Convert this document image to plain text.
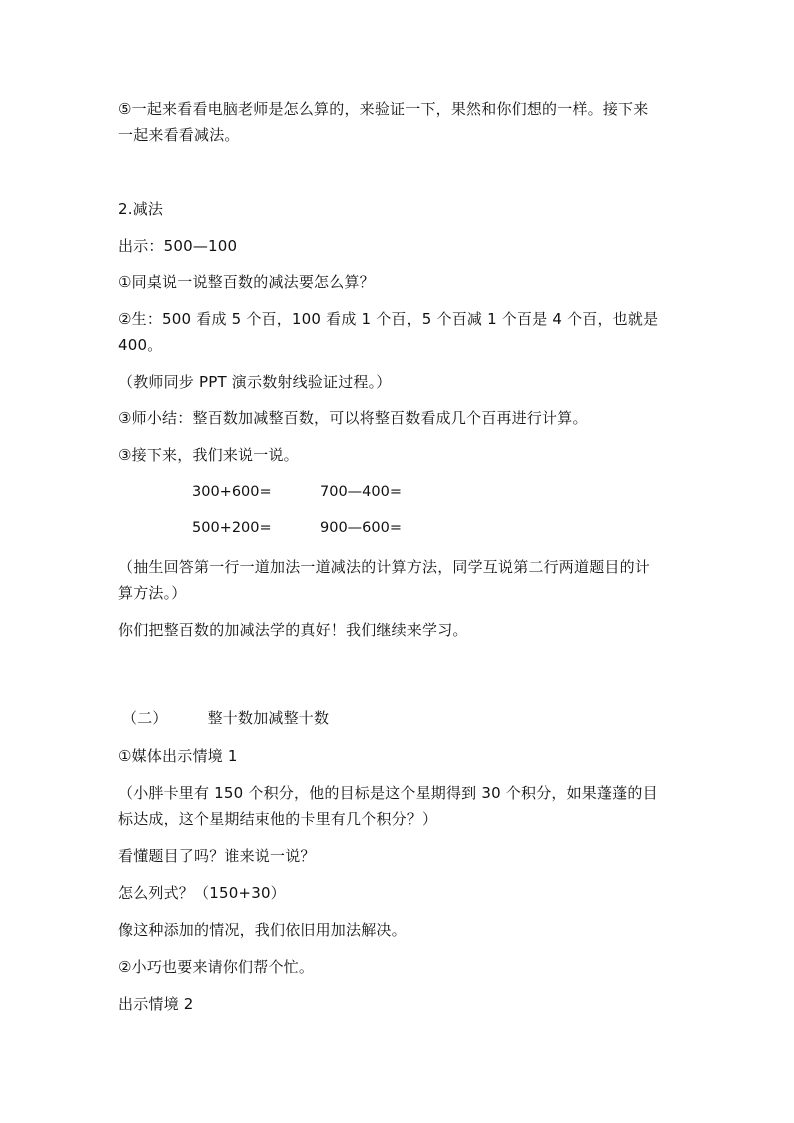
⑤一起来看看电脑老师是怎么算的，来验证一下，果然和你们想的一样。接下来
一起来看看减法。
2.减法
出示：500—100
①同桌说一说整百数的减法要怎么算？
②生：500 看成 5 个百，100 看成 1 个百，5 个百减 1 个百是 4 个百，也就是
400。
（教师同步 PPT 演示数射线验证过程。）
③师小结：整百数加减整百数，可以将整百数看成几个百再进行计算。
③接下来，我们来说一说。
300+600=	700—400=
500+200=	900—600=
（抽生回答第一行一道加法一道减法的计算方法，同学互说第二行两道题目的计
算方法。）
你们把整百数的加减法学的真好！我们继续来学习。
（二）	整十数加减整十数
①媒体出示情境 1
（小胖卡里有 150 个积分，他的目标是这个星期得到 30 个积分，如果蓬蓬的目
标达成，这个星期结束他的卡里有几个积分？）
看懂题目了吗？谁来说一说？
怎么列式？（150+30）
像这种添加的情况，我们依旧用加法解决。
②小巧也要来请你们帮个忙。
出示情境 2
